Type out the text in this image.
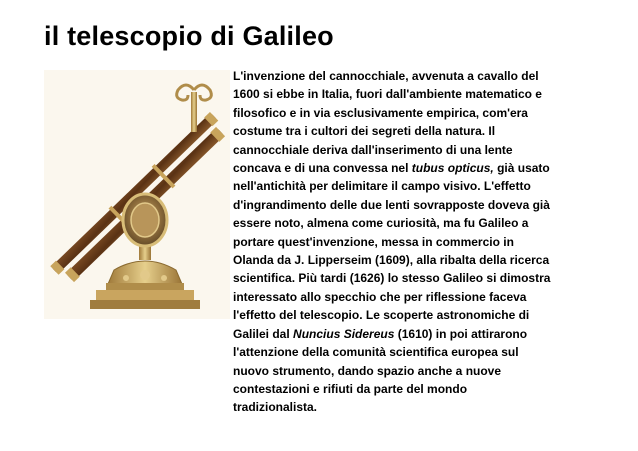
il telescopio di Galileo
L'invenzione del cannocchiale, avvenuta a cavallo del
1600 si ebbe in Italia, fuori dall'ambiente matematico e
filosofico e in via esclusivamente empirica, com'era
costume tra i cultori dei segreti della natura. Il
cannocchiale deriva dall'inserimento di una lente
concava e di una convessa nel tubus opticus, già usato
nell'antichità per delimitare il campo visivo. L'effetto
d'ingrandimento delle due lenti sovrapposte doveva già
essere noto, almena come curiosità, ma fu Galileo a
portare quest'invenzione, messa in commercio in
Olanda da J. Lipperseim (1609), alla ribalta della ricerca
scientifica. Più tardi (1626) lo stesso Galileo si dimostra
interessato allo specchio che per riflessione faceva
l'effetto del telescopio. Le scoperte astronomiche di
Galilei dal Nuncius Sidereus (1610) in poi attirarono
l'attenzione della comunità scientifica europea sul
nuovo strumento, dando spazio anche a nuove
contestazioni e rifiuti da parte del mondo
tradizionalista.
